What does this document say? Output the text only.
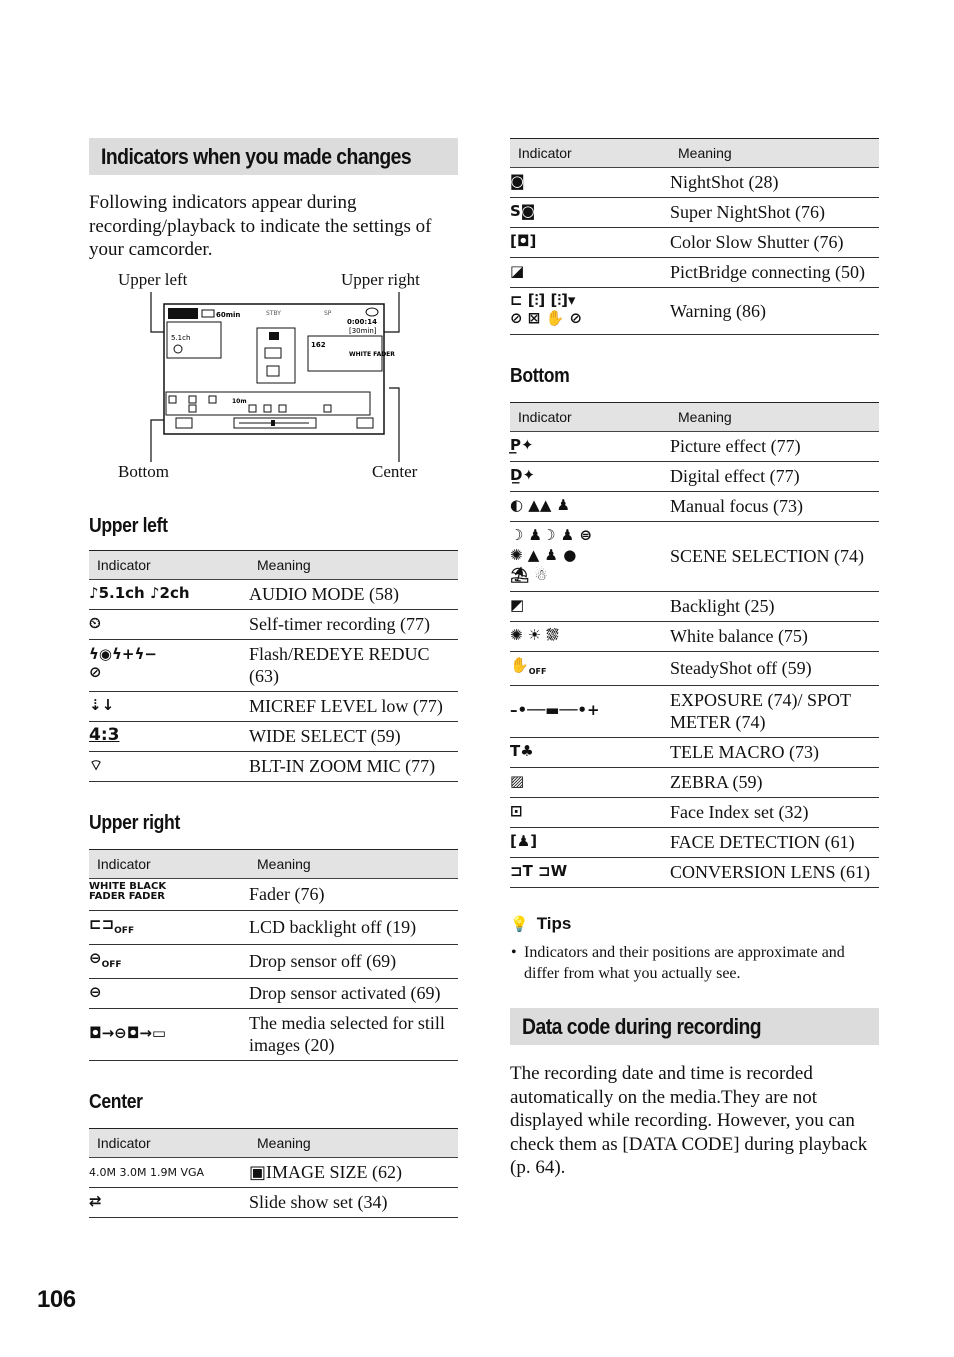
Indicators when you made changes

Following indicators appear during recording/playback to indicate the settings of your camcorder.

Upper left	Upper right
Bottom	Center
60min	STBY	SP
0:00:14
[30min]
5.1ch
162
WHITE FADER
10m
Upper left
Indicator	Meaning
♪5.1ch ♪2ch	AUDIO MODE (58)
⏲	Self-timer recording (77)
ϟ◉ϟ+ϟ−
⊘	Flash/REDEYE REDUC (63)
⇣↓	MICREF LEVEL low (77)
4:3	WIDE SELECT (59)
⌔	BLT-IN ZOOM MIC (77)
Upper right
Indicator	Meaning
WHITE BLACK FADER FADER	Fader (76)
$⊏⊐_{OFF}$	LCD backlight off (19)
$⊖_{OFF}$	Drop sensor off (69)
⊖	Drop sensor activated (69)
◘→⊖◘→▭	The media selected for still images (20)
Center
Indicator	Meaning
4.0M 3.0M 1.9M VGA	▣IMAGE SIZE (62)
⇄	Slide show set (34)
Indicator	Meaning
◙	NightShot (28)
S◙	Super NightShot (76)
[◘]	Color Slow Shutter (76)
◪	PictBridge connecting (50)
⊏ [⫶] [⫶]▾
⊘ ⊠ ✋ ⊘	Warning (86)
Bottom
Indicator	Meaning
P̲✦	Picture effect (77)
D̲✦	Digital effect (77)
◐ ▲▲ ♟	Manual focus (73)
☽ ♟☽ ♟ ⊜
✺ ▲ ♟ ●
⛱ ☃	SCENE SELECTION (74)
◩	Backlight (25)
✺ ☀ ⛆	White balance (75)
$✋_{OFF}$	SteadyShot off (59)
–•──▬──•+	EXPOSURE (74)/ SPOT METER (74)
T♣	TELE MACRO (73)
▨	ZEBRA (59)
⊡	Face Index set (32)
[♟]	FACE DETECTION (61)
⊐T ⊐W	CONVERSION LENS (61)
💡 Tips
• Indicators and their positions are approximate and differ from what you actually see.
Data code during recording

The recording date and time is recorded automatically on the media.They are not displayed while recording. However, you can check them as [DATA CODE] during playback (p. 64).

106
